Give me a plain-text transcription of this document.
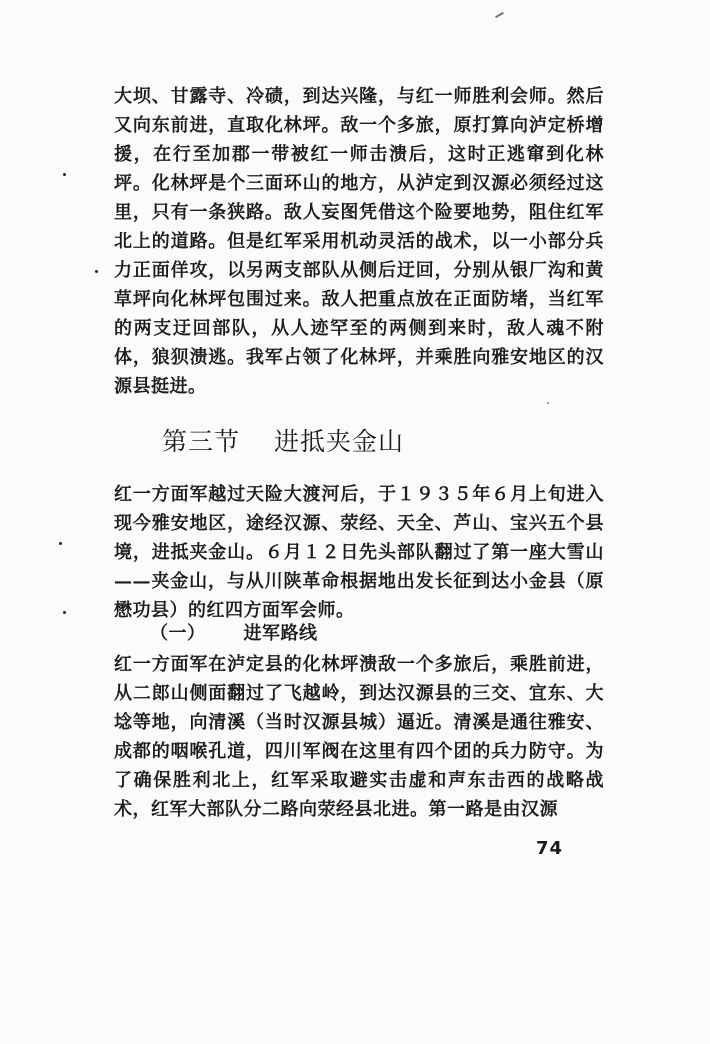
大坝、甘露寺、冷碛，到达兴隆，与红一师胜利会师。然后又向东前进，直取化林坪。敌一个多旅，原打算向泸定桥增援，在行至加郡一带被红一师击溃后，这时正逃窜到化林坪。化林坪是个三面环山的地方，从泸定到汉源必须经过这里，只有一条狭路。敌人妄图凭借这个险要地势，阻住红军北上的道路。但是红军采用机动灵活的战术，以一小部分兵力正面佯攻，以另两支部队从侧后迂回，分别从银厂沟和黄草坪向化林坪包围过来。敌人把重点放在正面防堵，当红军的两支迂回部队，从人迹罕至的两侧到来时，敌人魂不附体，狼狈溃逃。我军占领了化林坪，并乘胜向雅安地区的汉源县挺进。

第三节 进抵夹金山

红一方面军越过天险大渡河后，于１９３５年６月上旬进入现今雅安地区，途经汉源、荥经、天全、芦山、宝兴五个县境，进抵夹金山。６月１２日先头部队翻过了第一座大雪山——夹金山，与从川陕革命根据地出发长征到达小金县（原懋功县）的红四方面军会师。

（一） 进军路线

红一方面军在泸定县的化林坪溃敌一个多旅后，乘胜前进，从二郎山侧面翻过了飞越岭，到达汉源县的三交、宜东、大埝等地，向清溪（当时汉源县城）逼近。清溪是通往雅安、成都的咽喉孔道，四川军阀在这里有四个团的兵力防守。为了确保胜利北上，红军采取避实击虚和声东击西的战略战术，红军大部队分二路向荥经县北进。第一路是由汉源

74
